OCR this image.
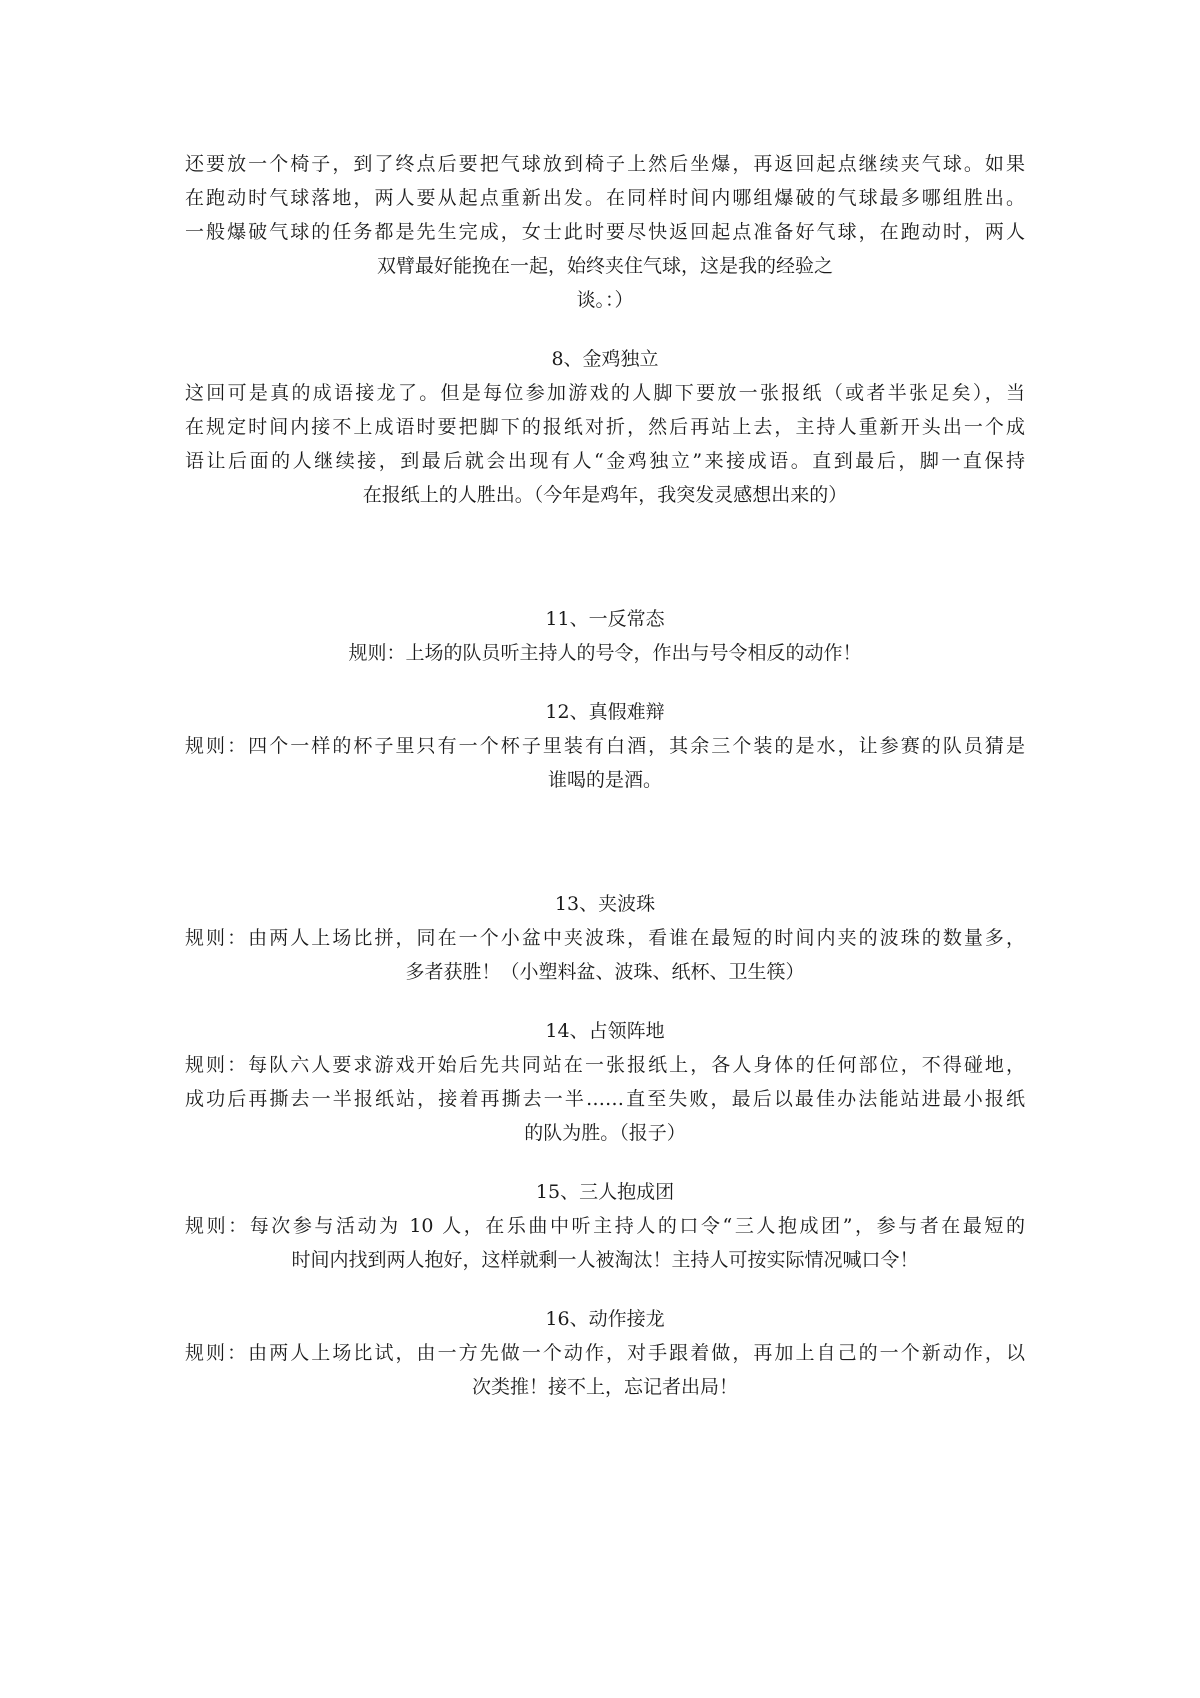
还要放一个椅子，到了终点后要把气球放到椅子上然后坐爆，再返回起点继续夹气球。如果
在跑动时气球落地，两人要从起点重新出发。在同样时间内哪组爆破的气球最多哪组胜出。
一般爆破气球的任务都是先生完成，女士此时要尽快返回起点准备好气球，在跑动时，两人
双臂最好能挽在一起，始终夹住气球，这是我的经验之
谈。：）
8、金鸡独立
这回可是真的成语接龙了。但是每位参加游戏的人脚下要放一张报纸（或者半张足矣），当
在规定时间内接不上成语时要把脚下的报纸对折，然后再站上去，主持人重新开头出一个成
语让后面的人继续接，到最后就会出现有人“金鸡独立”来接成语。直到最后，脚一直保持
在报纸上的人胜出。（今年是鸡年，我突发灵感想出来的）
11、一反常态
规则：上场的队员听主持人的号令，作出与号令相反的动作！
12、真假难辩
规则：四个一样的杯子里只有一个杯子里装有白酒，其余三个装的是水，让参赛的队员猜是
谁喝的是酒。
13、夹波珠
规则：由两人上场比拼，同在一个小盆中夹波珠，看谁在最短的时间内夹的波珠的数量多，
多者获胜！（小塑料盆、波珠、纸杯、卫生筷）
14、占领阵地
规则：每队六人要求游戏开始后先共同站在一张报纸上，各人身体的任何部位，不得碰地，
成功后再撕去一半报纸站，接着再撕去一半……直至失败，最后以最佳办法能站进最小报纸
的队为胜。（报子）
15、三人抱成团
规则：每次参与活动为 10 人，在乐曲中听主持人的口令“三人抱成团”，参与者在最短的
时间内找到两人抱好，这样就剩一人被淘汰！主持人可按实际情况喊口令！
16、动作接龙
规则：由两人上场比试，由一方先做一个动作，对手跟着做，再加上自己的一个新动作，以
次类推！接不上，忘记者出局！
